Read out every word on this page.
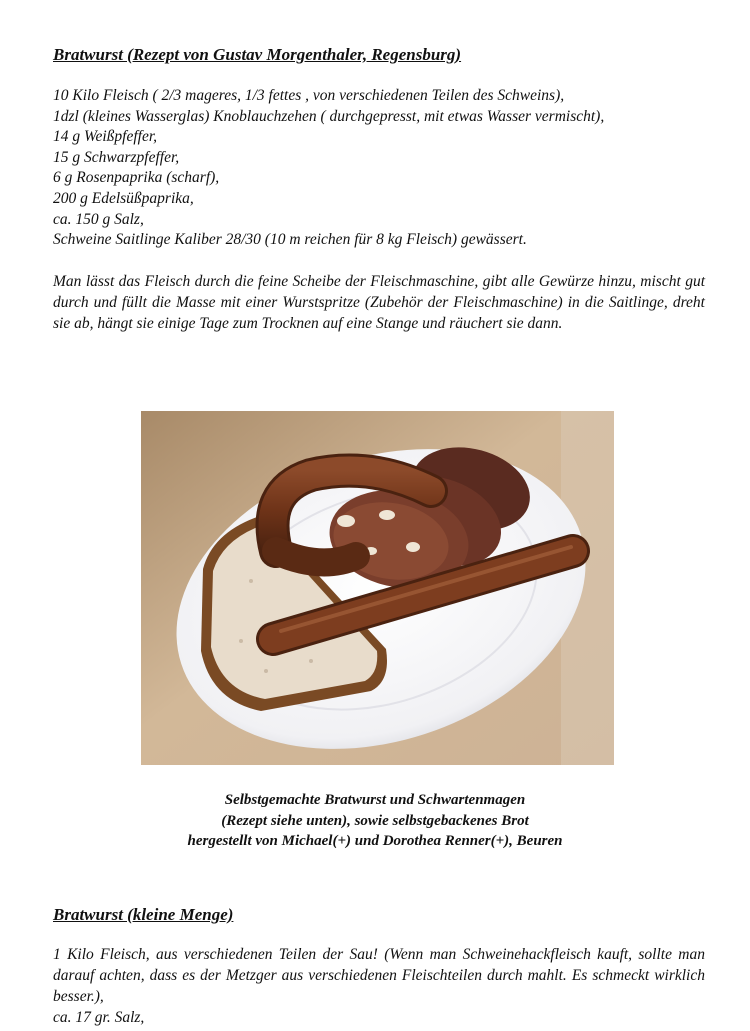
Bratwurst (Rezept von Gustav Morgenthaler, Regensburg)
10 Kilo Fleisch ( 2/3 mageres, 1/3 fettes , von verschiedenen Teilen des Schweins),
1dzl (kleines Wasserglas) Knoblauchzehen ( durchgepresst, mit etwas Wasser vermischt),
14 g Weißpfeffer,
15 g Schwarzpfeffer,
6 g Rosenpaprika (scharf),
200 g Edelsüßpaprika,
ca. 150 g Salz,
Schweine Saitlinge Kaliber 28/30 (10 m reichen für 8 kg Fleisch) gewässert.
Man lässt das Fleisch durch die feine Scheibe der Fleischmaschine, gibt alle Gewürze hinzu, mischt gut durch und füllt die Masse mit einer Wurstspritze (Zubehör der Fleischmaschine) in die Saitlinge, dreht sie ab, hängt sie einige Tage zum Trocknen auf eine Stange und räuchert sie dann.
Selbstgemachte Bratwurst und Schwartenmagen
(Rezept siehe unten), sowie selbstgebackenes Brot
hergestellt von Michael(+) und Dorothea Renner(+), Beuren
Bratwurst (kleine Menge)
1 Kilo Fleisch, aus verschiedenen Teilen der Sau! (Wenn man Schweinehackfleisch kauft, sollte man darauf achten, dass es der Metzger aus verschiedenen Fleischteilen durch mahlt. Es schmeckt wirklich besser.),
ca. 17 gr. Salz,
